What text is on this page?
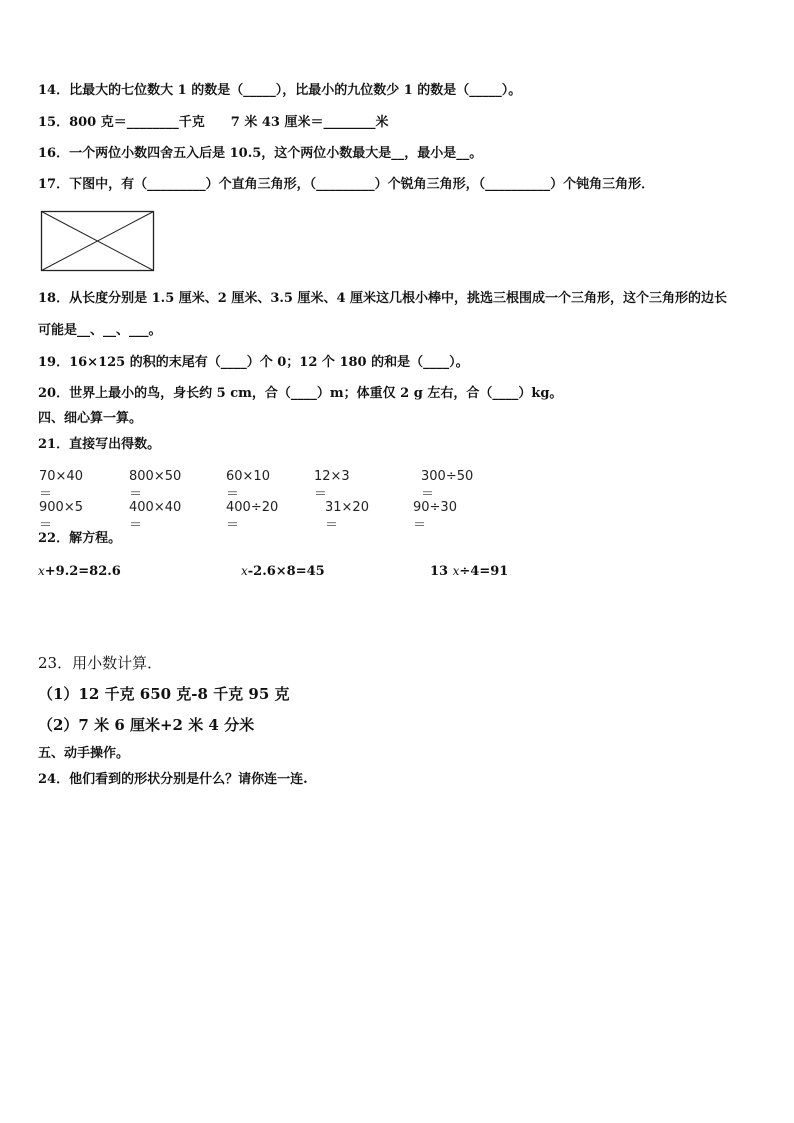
14．比最大的七位数大 1 的数是（_____），比最小的九位数少 1 的数是（_____）。
15．800 克＝________千克　　7 米 43 厘米＝________米
16．一个两位小数四舍五入后是 10.5，这个两位小数最大是__，最小是__。
17．下图中，有（_________）个直角三角形，（_________）个锐角三角形，（__________）个钝角三角形．
18．从长度分别是 1.5 厘米、2 厘米、3.5 厘米、4 厘米这几根小棒中，挑选三根围成一个三角形，这个三角形的边长
可能是__、__、___。
19．16×125 的积的末尾有（____）个 0；12 个 180 的和是（____）。
20．世界上最小的鸟，身长约 5 cm，合（____）m；体重仅 2 g 左右，合（____）kg。
四、细心算一算。
21．直接写出得数。
70×40＝
800×50＝
60×10＝
12×3＝
300÷50＝
900×5＝
400×40＝
400÷20＝
31×20＝
90÷30＝
22．解方程。
x+9.2=82.6	x-2.6×8=45	13 x÷4=91
23．用小数计算．
（1）12 千克 650 克-8 千克 95 克
（2）7 米 6 厘米+2 米 4 分米
五、动手操作。
24．他们看到的形状分别是什么？请你连一连.
